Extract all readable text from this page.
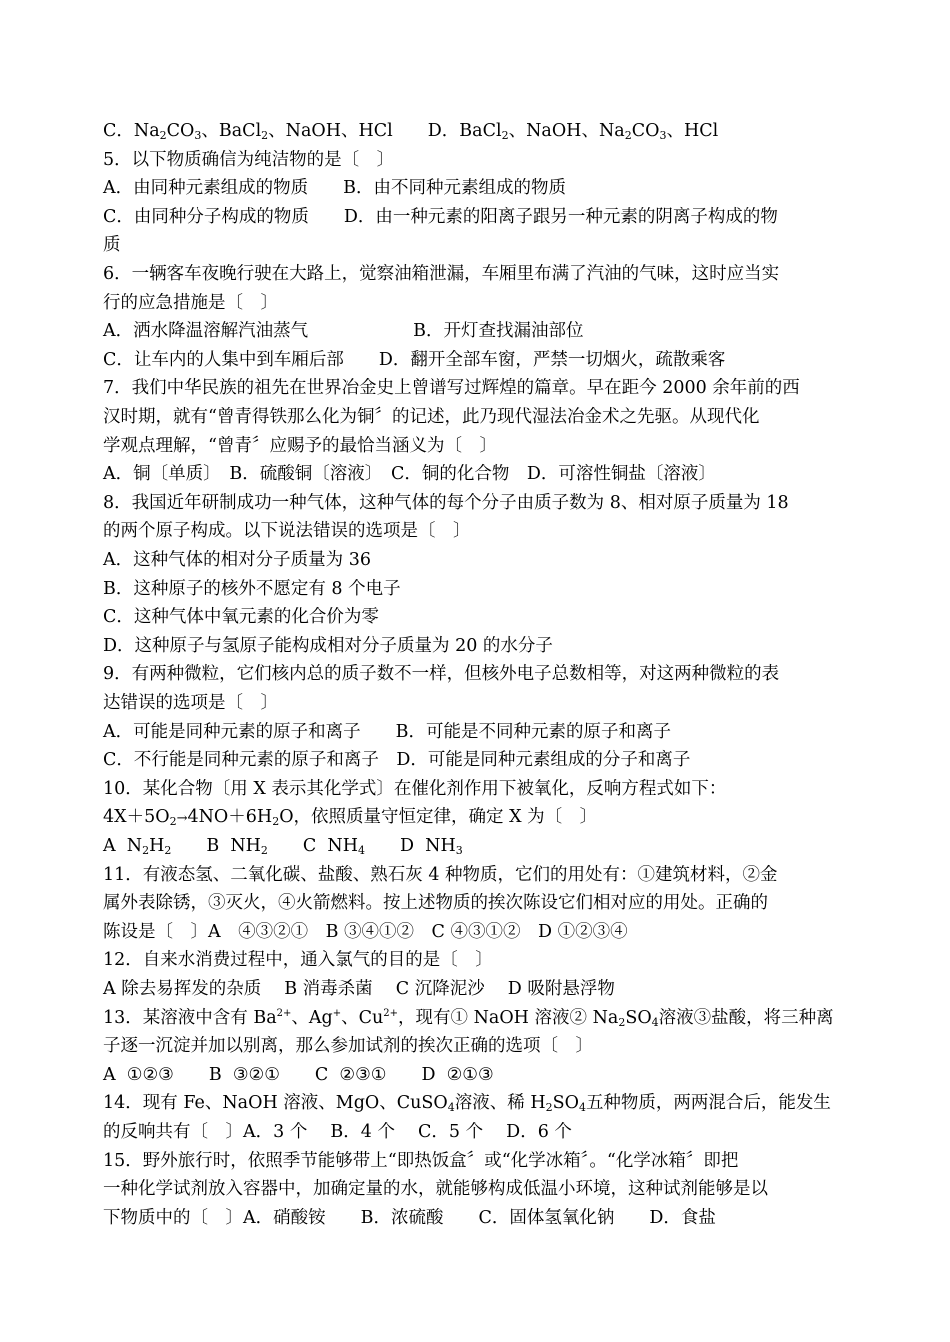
C．$Na_2CO_3$、BaCl$_2$、NaOH、HCl　　D．BaCl$_2$、NaOH、$Na_2CO_3$、HCl
5．以下物质确信为纯洁物的是〔　〕
A．由同种元素组成的物质　　B．由不同种元素组成的物质
C．由同种分子构成的物质　　D．由一种元素的阳离子跟另一种元素的阴离子构成的物
质
6．一辆客车夜晚行驶在大路上，觉察油箱泄漏，车厢里布满了汽油的气味，这时应当实
行的应急措施是〔　〕
A．洒水降温溶解汽油蒸气　　　　　　B．开灯查找漏油部位
C．让车内的人集中到车厢后部　　D．翻开全部车窗，严禁一切烟火，疏散乘客
7．我们中华民族的祖先在世界冶金史上曾谱写过辉煌的篇章。早在距今 2000 余年前的西
汉时期，就有“曾青得铁那么化为铜〞的记述，此乃现代湿法冶金术之先驱。从现代化
学观点理解，“曾青〞应赐予的最恰当涵义为〔　〕
A．铜〔单质〕　B．硫酸铜〔溶液〕　C．铜的化合物　D．可溶性铜盐〔溶液〕
8．我国近年研制成功一种气体，这种气体的每个分子由质子数为 8、相对原子质量为 18
的两个原子构成。以下说法错误的选项是〔　〕
A．这种气体的相对分子质量为 36
B．这种原子的核外不愿定有 8 个电子
C．这种气体中氧元素的化合价为零
D．这种原子与氢原子能构成相对分子质量为 20 的水分子
9．有两种微粒，它们核内总的质子数不一样，但核外电子总数相等，对这两种微粒的表
达错误的选项是〔　〕
A．可能是同种元素的原子和离子　　B．可能是不同种元素的原子和离子
C．不行能是同种元素的原子和离子　D．可能是同种元素组成的分子和离子
10．某化合物〔用 X 表示其化学式〕在催化剂作用下被氧化，反响方程式如下：
$4X+5O_2\to 4NO+6H_2O$，依照质量守恒定律，确定 X 为〔　〕
A  $N_2H_2$　　B  $NH_2$　　C  $NH_4$　　D  $NH_3$
11．有液态氢、二氧化碳、盐酸、熟石灰 4 种物质，它们的用处有：①建筑材料，②金
属外表除锈，③灭火，④火箭燃料。按上述物质的挨次陈设它们相对应的用处。正确的
陈设是〔　〕A　④③②①　B ③④①②　C ④③①②　D ①②③④
12．自来水消费过程中，通入氯气的目的是〔　〕
A 除去易挥发的杂质　 B 消毒杀菌　 C 沉降泥沙　 D 吸附悬浮物
13．某溶液中含有 $Ba^{2+}$、Ag+、$Cu^{2+}$，现有① NaOH 溶液② $Na_2SO_4$溶液③盐酸，将三种离
子逐一沉淀并加以别离，那么参加试剂的挨次正确的选项〔　〕
A  ①②③　　B  ③②①　　C  ②③①　　D  ②①③
14．现有 Fe、NaOH 溶液、MgO、CuSO$_4$溶液、稀 $H_2SO_4$五种物质，两两混合后，能发生
的反响共有〔　〕A．3 个　 B．4 个　 C．5 个　 D．6 个
15．野外旅行时，依照季节能够带上“即热饭盒〞或“化学冰箱〞。“化学冰箱〞即把
一种化学试剂放入容器中，加确定量的水，就能够构成低温小环境，这种试剂能够是以
下物质中的〔　〕A．硝酸铵　　B．浓硫酸　　C．固体氢氧化钠　　D．食盐
